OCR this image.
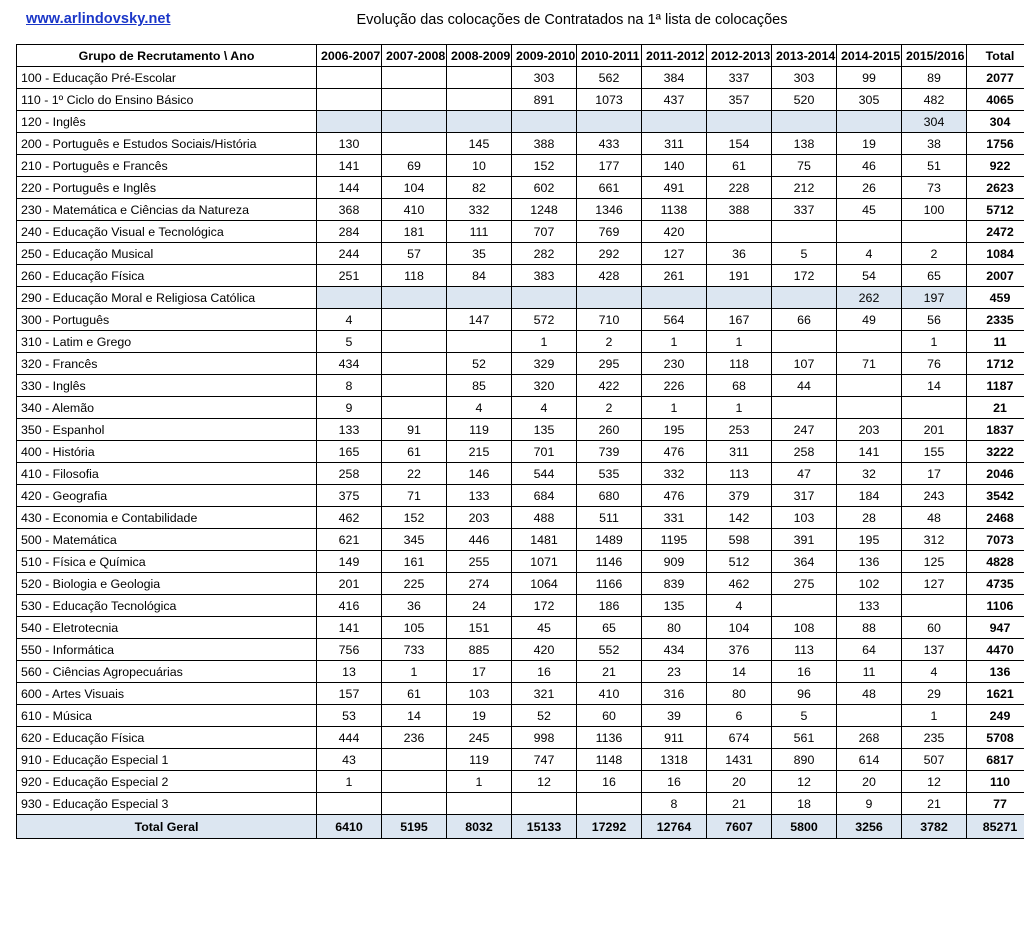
www.arlindovsky.net	Evolução das colocações de Contratados na 1ª lista de colocações
Grupo de Recrutamento \ Ano	2006-2007	2007-2008	2008-2009	2009-2010	2010-2011	2011-2012	2012-2013	2013-2014	2014-2015	2015/2016	Total
100 - Educação Pré-Escolar				303	562	384	337	303	99	89	2077
110 - 1º Ciclo do Ensino Básico				891	1073	437	357	520	305	482	4065
120 - Inglês										304	304
200 - Português e Estudos Sociais/História	130		145	388	433	311	154	138	19	38	1756
210 - Português e Francês	141	69	10	152	177	140	61	75	46	51	922
220 - Português e Inglês	144	104	82	602	661	491	228	212	26	73	2623
230 - Matemática e Ciências da Natureza	368	410	332	1248	1346	1138	388	337	45	100	5712
240 - Educação Visual e Tecnológica	284	181	111	707	769	420					2472
250 - Educação Musical	244	57	35	282	292	127	36	5	4	2	1084
260 - Educação Física	251	118	84	383	428	261	191	172	54	65	2007
290 - Educação Moral e Religiosa Católica									262	197	459
300 - Português	4		147	572	710	564	167	66	49	56	2335
310 - Latim e Grego	5			1	2	1	1			1	11
320 - Francês	434		52	329	295	230	118	107	71	76	1712
330 - Inglês	8		85	320	422	226	68	44		14	1187
340 - Alemão	9		4	4	2	1	1				21
350 - Espanhol	133	91	119	135	260	195	253	247	203	201	1837
400 - História	165	61	215	701	739	476	311	258	141	155	3222
410 - Filosofia	258	22	146	544	535	332	113	47	32	17	2046
420 - Geografia	375	71	133	684	680	476	379	317	184	243	3542
430 - Economia e Contabilidade	462	152	203	488	511	331	142	103	28	48	2468
500 - Matemática	621	345	446	1481	1489	1195	598	391	195	312	7073
510 - Física e Química	149	161	255	1071	1146	909	512	364	136	125	4828
520 - Biologia e Geologia	201	225	274	1064	1166	839	462	275	102	127	4735
530 - Educação Tecnológica	416	36	24	172	186	135	4		133		1106
540 - Eletrotecnia	141	105	151	45	65	80	104	108	88	60	947
550 - Informática	756	733	885	420	552	434	376	113	64	137	4470
560 - Ciências Agropecuárias	13	1	17	16	21	23	14	16	11	4	136
600 - Artes Visuais	157	61	103	321	410	316	80	96	48	29	1621
610 - Música	53	14	19	52	60	39	6	5		1	249
620 - Educação Física	444	236	245	998	1136	911	674	561	268	235	5708
910 - Educação Especial 1	43		119	747	1148	1318	1431	890	614	507	6817
920 - Educação Especial 2	1		1	12	16	16	20	12	20	12	110
930 - Educação Especial 3						8	21	18	9	21	77
Total Geral	6410	5195	8032	15133	17292	12764	7607	5800	3256	3782	85271
